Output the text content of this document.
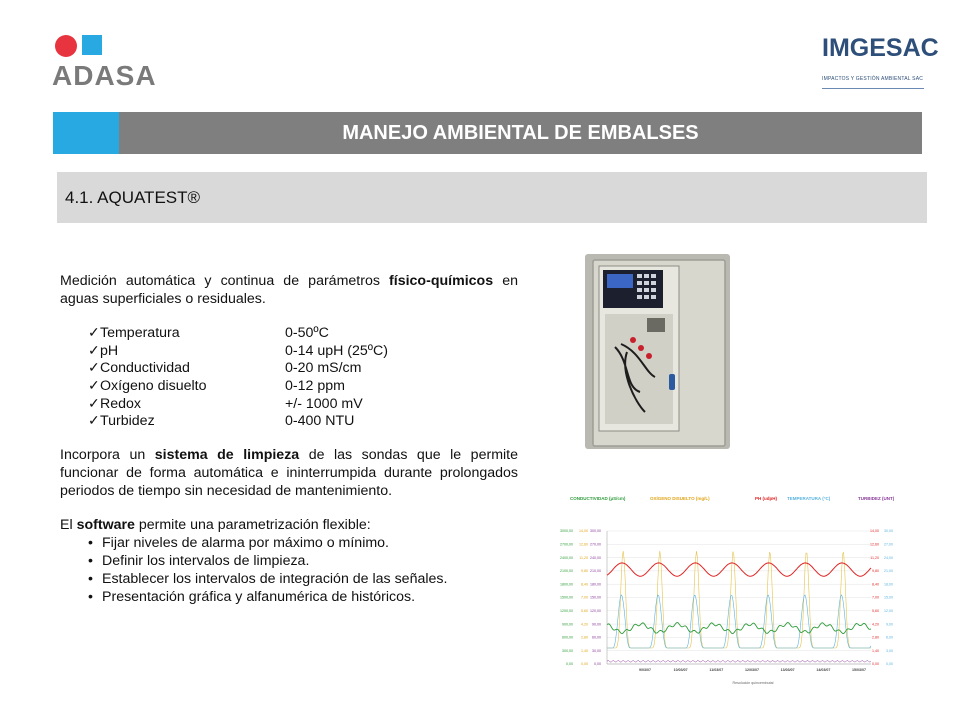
ADASA
IMGESAC
IMPACTOS Y GESTIÓN AMBIENTAL SAC
MANEJO AMBIENTAL DE EMBALSES
4.1. AQUATEST®

Medición automática y continua de parámetros físico-químicos en aguas superficiales o residuales.

✓ Temperatura	0-50ºC
✓ pH	0-14 upH (25ºC)
✓ Conductividad	0-20 mS/cm
✓ Oxígeno disuelto	0-12 ppm
✓ Redox	+/- 1000 mV
✓ Turbidez	0-400 NTU

Incorpora un sistema de limpieza de las sondas que le permite funcionar de forma automática e ininterrumpida durante prolongados periodos de tiempo sin necesidad de mantenimiento.

El software permite una parametrización flexible:

• Fijar niveles de alarma por máximo o mínimo.
• Definir los intervalos de limpieza.
• Establecer los intervalos de integración de las señales.
• Presentación gráfica y alfanumérica de históricos.
CONDUCTIVIDAD (µS/cm)	OXÍGENO DISUELTO (mg/L)	PH (udpH) TEMPERATURA (°C)	TURBIDEZ (UNT)
3000,00 14,00 300,00	14,00 30,00
2700,00 12,60 270,00	12,60 27,00
2400,00 11,20 240,00	11,20 24,00
2100,00 9,80 210,00	9,80 21,00
1800,00 8,40 180,00	8,40 18,00
1500,00 7,00 150,00	7,00 15,00
1200,00 5,60 120,00	5,60 12,00
900,00 4,20 90,00	4,20 9,00
600,00 2,80 60,00	2,80 6,00
300,00 1,40 30,00	1,40 3,00
0,00 0,00 0,00	0,00 0,00
9/03/07	10/03/07	11/03/07	12/03/07	13/03/07	14/03/07	15/03/07
Resolución quinceminutal
